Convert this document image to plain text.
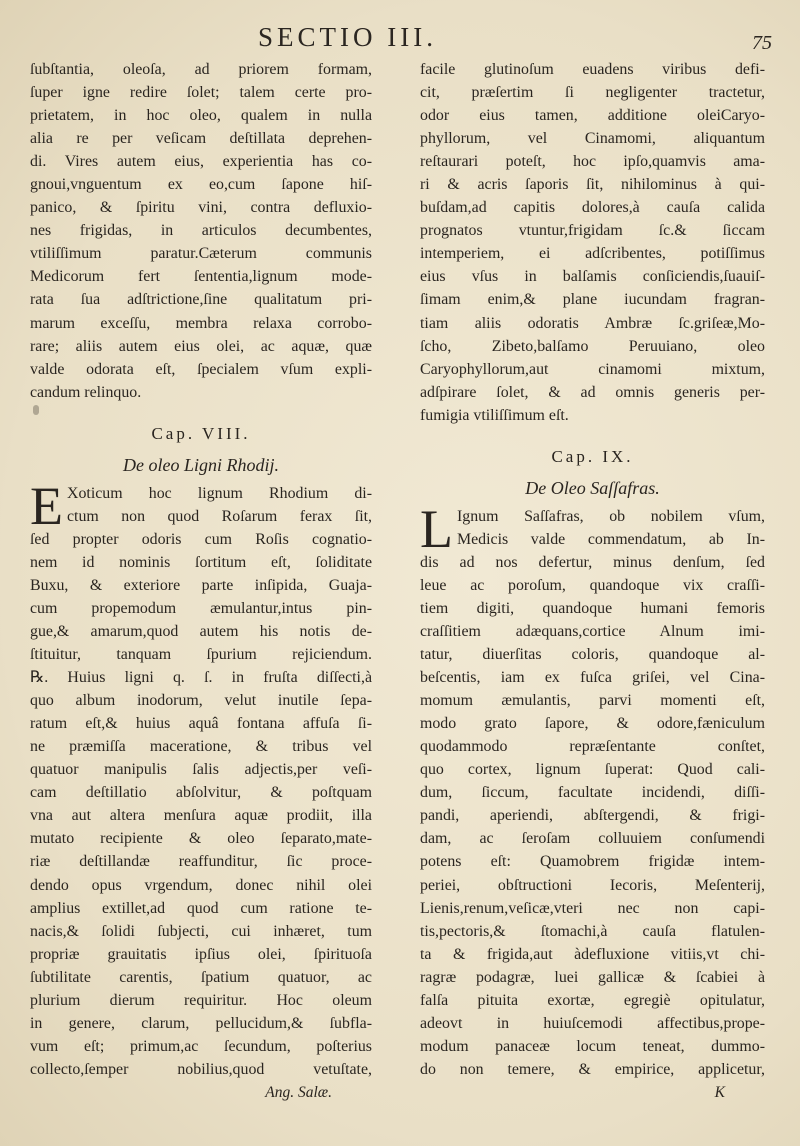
SECTIO III.	75
ſubſtantia, oleoſa, ad priorem formam,
ſuper igne redire ſolet; talem certe pro-
prietatem, in hoc oleo, qualem in nulla
alia re per veſicam deſtillata deprehen-
di. Vires autem eius, experientia has co-
gnoui,vnguentum ex eo,cum ſapone hiſ-
panico, & ſpiritu vini, contra defluxio-
nes frigidas, in articulos decumbentes,
vtiliſſimum paratur.Cæterum communis
Medicorum fert ſententia,lignum mode-
rata ſua adſtrictione,ſine qualitatum pri-
marum exceſſu, membra relaxa corrobo-
rare; aliis autem eius olei, ac aquæ, quæ
valde odorata eſt, ſpecialem vſum expli-
candum relinquo.
Cap. VIII.
De oleo Ligni Rhodij.
E Xoticum hoc lignum Rhodium di-
ctum non quod Roſarum ferax ſit,
ſed propter odoris cum Roſis cognatio-
nem id nominis ſortitum eſt, ſoliditate
Buxu, & exteriore parte inſipida, Guaja-
cum propemodum æmulantur,intus pin-
gue,& amarum,quod autem his notis de-
ſtituitur, tanquam ſpurium rejiciendum.
℞. Huius ligni q. ſ. in fruſta diſſecti,à
quo album inodorum, velut inutile ſepa-
ratum eſt,& huius aquâ fontana affuſa ſi-
ne præmiſſa maceratione, & tribus vel
quatuor manipulis ſalis adjectis,per veſi-
cam deſtillatio abſolvitur, & poſtquam
vna aut altera menſura aquæ prodiit, illa
mutato recipiente & oleo ſeparato,mate-
riæ deſtillandæ reaffunditur, ſic proce-
dendo opus vrgendum, donec nihil olei
amplius extillet,ad quod cum ratione te-
nacis,& ſolidi ſubjecti, cui inhæret, tum
propriæ grauitatis ipſius olei, ſpirituoſa
ſubtilitate carentis, ſpatium quatuor, ac
plurium dierum requiritur. Hoc oleum
in genere, clarum, pellucidum,& ſubfla-
vum eſt; primum,ac ſecundum, poſterius
collecto,ſemper nobilius,quod vetuſtate,
Ang. Salæ.
facile glutinoſum euadens viribus defi-
cit, præſertim ſi negligenter tractetur,
odor eius tamen, additione oleiCaryo-
phyllorum, vel Cinamomi, aliquantum
reſtaurari poteſt, hoc ipſo,quamvis ama-
ri & acris ſaporis ſit, nihilominus à qui-
buſdam,ad capitis dolores,à cauſa calida
prognatos vtuntur,frigidam ſc.& ſiccam
intemperiem, ei adſcribentes, potiſſimus
eius vſus in balſamis conſiciendis,ſuauiſ-
ſimam enim,& plane iucundam fragran-
tiam aliis odoratis Ambræ ſc.griſeæ,Mo-
ſcho, Zibeto,balſamo Peruuiano, oleo
Caryophyllorum,aut cinamomi mixtum,
adſpirare ſolet, & ad omnis generis per-
fumigia vtiliſſimum eſt.
Cap. IX.
De Oleo Saſſafras.
L Ignum Saſſafras, ob nobilem vſum,
Medicis valde commendatum, ab In-
dis ad nos defertur, minus denſum, ſed
leue ac poroſum, quandoque vix craſſi-
tiem digiti, quandoque humani femoris
craſſitiem adæquans,cortice Alnum imi-
tatur, diuerſitas coloris, quandoque al-
beſcentis, iam ex fuſca griſei, vel Cina-
momum æmulantis, parvi momenti eſt,
modo grato ſapore, & odore,fæniculum
quodammodo repræſentante conſtet,
quo cortex, lignum ſuperat: Quod cali-
dum, ſiccum, facultate incidendi, diſſi-
pandi, aperiendi, abſtergendi, & frigi-
dam, ac ſeroſam colluuiem conſumendi
potens eſt: Quamobrem frigidæ intem-
periei, obſtructioni Iecoris, Meſenterij,
Lienis,renum,veſicæ,vteri nec non capi-
tis,pectoris,& ſtomachi,à cauſa flatulen-
ta & frigida,aut àdefluxione vitiis,vt chi-
ragræ podagræ, luei gallicæ & ſcabiei à
falſa pituita exortæ, egregiè opitulatur,
adeovt in huiuſcemodi affectibus,prope-
modum panaceæ locum teneat, dummo-
do non temere, & empirice, applicetur,
K
